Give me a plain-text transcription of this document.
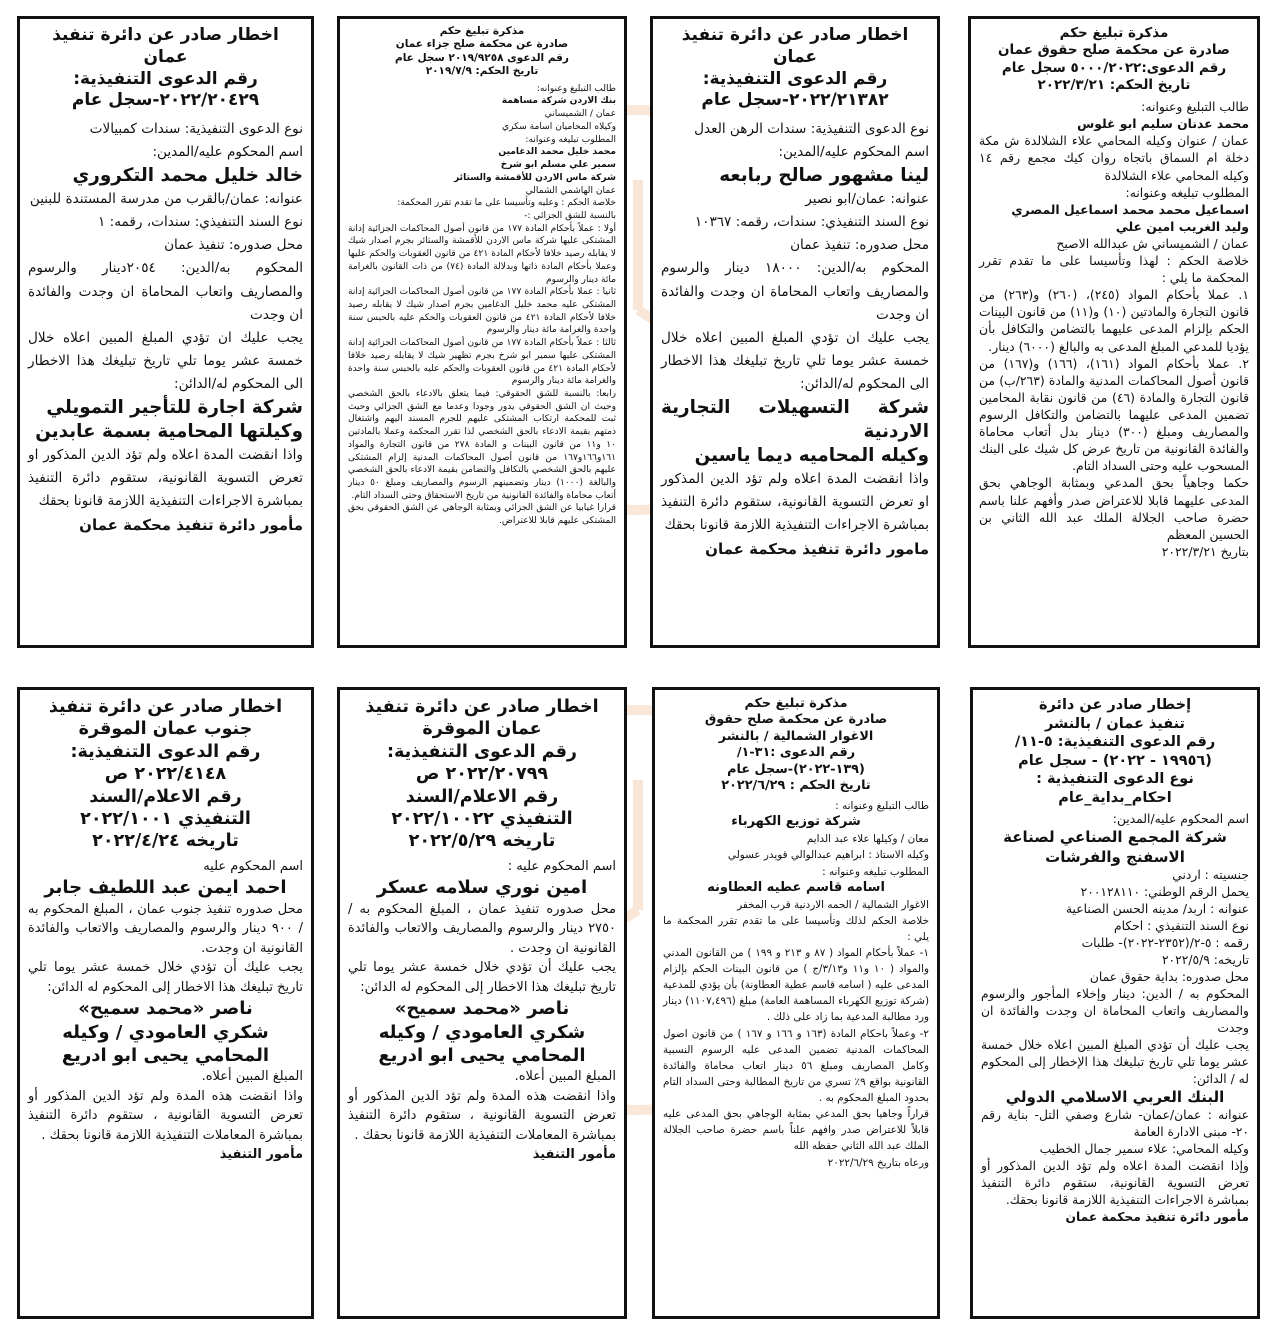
مذكرة تبليغ حكم

صادرة عن محكمة صلح حقوق عمان

رقم الدعوى:٥٠٠٠/٢٠٢٢ سجل عام

تاريخ الحكم: ٢٠٢٢/٣/٢١

طالب التبليغ وعنوانه:

محمد عدنان سليم ابو غلوس

عمان / عنوان وكيله المحامي علاء الشلالدة ش مكة دخلة ام السماق باتجاه روان كيك مجمع رقم ١٤ وكيله المحامي علاء الشلالدة

المطلوب تبليغه وعنوانه:

اسماعيل محمد محمد اسماعيل المصري

وليد الغريب امين علي

عمان / الشميساني ش عبدالله الاصبح

خلاصة الحكم : لهذا وتأسيسا على ما تقدم تقرر المحكمة ما يلي :

١. عملا بأحكام المواد (٢٤٥)، (٢٦٠) و(٢٦٣) من قانون التجارة والمادتين (١٠) و(١١) من قانون البينات الحكم بإلزام المدعى عليهما بالتضامن والتكافل بأن يؤديا للمدعي المبلغ المدعى به والبالغ (٦٠٠٠) دينار.

٢. عملا بأحكام المواد (١٦١)، (١٦٦) و(١٦٧) من قانون أصول المحاكمات المدنية والمادة (٢٦٣/ب) من قانون التجارة والمادة (٤٦) من قانون نقابة المحامين تضمين المدعى عليهما بالتضامن والتكافل الرسوم والمصاريف ومبلغ (٣٠٠) دينار بدل أتعاب محاماة والفائدة القانونية من تاريخ عرض كل شيك على البنك المسحوب عليه وحتى السداد التام.

حكما وجاهياً بحق المدعي وبمثابة الوجاهي بحق المدعى عليهما قابلا للاعتراض صدر وأفهم علنا باسم حضرة صاحب الجلالة الملك عبد الله الثاني بن الحسين المعظم

بتاريخ ٢٠٢٢/٣/٢١

اخطار صادر عن دائرة تنفيذ عمان

رقم الدعوى التنفيذية:

٢٠٢٢/٢١٣٨٢-سجل عام

نوع الدعوى التنفيذية: سندات الرهن العدل

اسم المحكوم عليه/المدين:

لينا مشهور صالح ربابعه

عنوانه: عمان/ابو نصير

نوع السند التنفيذي: سندات، رقمه: ١٠٣٦٧

محل صدوره: تنفيذ عمان

المحكوم به/الدين: ١٨٠٠٠ دينار والرسوم والمصاريف واتعاب المحاماة ان وجدت والفائدة ان وجدت

يجب عليك ان تؤدي المبلغ المبين اعلاه خلال خمسة عشر يوما تلي تاريخ تبليغك هذا الاخطار الى المحكوم له/الدائن:

شركة التسهيلات التجارية الاردنية

وكيله المحاميه ديما ياسين

واذا انقضت المدة اعلاه ولم تؤد الدين المذكور او تعرض التسوية القانونية، ستقوم دائرة التنفيذ بمباشرة الاجراءات التنفيذية اللازمة قانونا بحقك

مامور دائرة تنفيذ محكمة عمان

مذكرة تبليغ حكم

صادرة عن محكمة صلح جزاء عمان

رقم الدعوى ٢٠١٩/٩٢٥٨ سجل عام

تاريخ الحكم: ٢٠١٩/٧/٩

طالب التبليغ وعنوانه:

بنك الاردن شركة مساهمة

عمان / الشميساني

وكيلاه المحاميان اسامة سكري

المطلوب تبليغه وعنوانه:

محمد خليل محمد الدغامين

سمير علي مسلم ابو شرخ

شركة ماس الاردن للأقمشة والستائر

عمان الهاشمي الشمالي

خلاصة الحكم : وعليه وتأسيسا على ما تقدم تقرر المحكمة:

بالنسبة للشق الجزائي :-

أولا : عملاً بأحكام المادة ١٧٧ من قانون أصول المحاكمات الجزائية إدانة المشتكى عليها شركة ماس الاردن للأقمشة والستائر بجرم اصدار شيك لا يقابله رصيد خلافا لأحكام المادة ٤٢١ من قانون العقوبات والحكم عليها وعملا بأحكام المادة ذاتها وبدلالة المادة (٧٤) من ذات القانون بالغرامة مائة دينار والرسوم

ثانيا : عملا بأحكام المادة ١٧٧ من قانون أصول المحاكمات الجزائية إدانة المشتكى عليه محمد خليل الدغامين بجرم اصدار شيك لا يقابله رصيد خلافا لأحكام المادة ٤٢١ من قانون العقوبات والحكم عليه بالحبس سنة واحدة والغرامة مائة دينار والرسوم

ثالثا : عملاً بأحكام المادة ١٧٧ من قانون أصول المحاكمات الجزائية إدانة المشتكى عليها سمير ابو شرخ بجرم تظهير شيك لا يقابله رصيد خلافا لأحكام المادة ٤٢١ من قانون العقوبات والحكم عليه بالحبس سنة واحدة والغرامة مائة دينار والرسوم

رابعا: بالنسبة للشق الحقوقي: فيما يتعلق بالادعاء بالحق الشخصي وحيث ان الشق الحقوقي يدور وجودا وعدما مع الشق الجزائي وحيث ثبت للمحكمة ارتكاب المشتكى عليهم للجرم المسند اليهم واشتغال ذمتهم بقيمة الادعاء بالحق الشخصي لذا تقرر المحكمة وعملا بالمادتين ١٠ و١١ من قانون البينات و المادة ٢٧٨ من قانون التجارة والمواد ١٦١و١٦٦و١٦٧ من قانون أصول المحاكمات المدنية إلزام المشتكى عليهم بالحق الشخصي بالتكافل والتضامن بقيمة الادعاء بالحق الشخصي والبالغة (١٠٠٠) دينار وتضمينهم الرسوم والمصاريف ومبلغ ٥٠ دينار أتعاب محاماة والفائدة القانونية من تاريخ الاستحقاق وحتى السداد التام.

قرارا غيابيا عن الشق الجزائي وبمثابة الوجاهي عن الشق الحقوقي بحق المشتكى عليهم قابلا للاعتراض.

اخطار صادر عن دائرة تنفيذ عمان

رقم الدعوى التنفيذية:

٢٠٢٢/٢٠٤٢٩-سجل عام

نوع الدعوى التنفيذية: سندات كمبيالات

اسم المحكوم عليه/المدين:

خالد خليل محمد التكروري

عنوانه: عمان/بالقرب من مدرسة المستندة للبنين

نوع السند التنفيذي: سندات، رقمه: ١

محل صدوره: تنفيذ عمان

المحكوم به/الدين: ٢٠٥٤دينار والرسوم والمصاريف واتعاب المحاماة ان وجدت والفائدة ان وجدت

يجب عليك ان تؤدي المبلغ المبين اعلاه خلال خمسة عشر يوما تلي تاريخ تبليغك هذا الاخطار الى المحكوم له/الدائن:

شركة اجارة للتأجير التمويلي

وكيلتها المحامية بسمة عابدين

واذا انقضت المدة اعلاه ولم تؤد الدين المذكور او تعرض التسوية القانونية، ستقوم دائرة التنفيذ بمباشرة الاجراءات التنفيذية اللازمة قانونا بحقك

مأمور دائرة تنفيذ محكمة عمان

إخطار صادر عن دائرة

تنفيذ عمان / بالنشر

رقم الدعوى التنفيذية: ٥-١١/

(١٩٩٥٦ - ٢٠٢٢) - سجل عام

نوع الدعوى التنفيذية :

احكام_بداية_عام

اسم المحكوم عليه/المدين:

شركة المجمع الصناعي لصناعة الاسفنج والفرشات

جنسيته : اردني

يحمل الرقم الوطني: ٢٠٠١٢٨١١٠

عنوانه : اربد/ مدينه الحسن الصناعية

نوع السند التنفيذي : احكام

رقمه : ٥-٢/(٢٣٥٢-٢٠٢٢)- طلبات

تاريخه: ٢٠٢٢/٥/٩

محل صدوره: بداية حقوق عمان

المحكوم به / الدين: دينار وإخلاء المأجور والرسوم والمصاريف واتعاب المحاماة ان وجدت والفائدة ان وجدت

يجب عليك أن تؤدي المبلغ المبين اعلاه خلال خمسة عشر يوما تلي تاريخ تبليغك هذا الإخطار إلى المحكوم له / الدائن:

البنك العربي الاسلامي الدولي

عنوانه : عمان/عمان- شارع وصفي التل- بناية رقم ٢٠- مبنى الادارة العامة

وكيله المحامي: علاء سمير جمال الخطيب

وإذا انقضت المدة اعلاه ولم تؤد الدين المذكور أو تعرض التسوية القانونية، ستقوم دائرة التنفيذ بمباشرة الاجراءات التنفيذية اللازمة قانونا بحقك.

مأمور دائرة تنفيذ محكمة عمان

مذكرة تبليغ حكم

صادرة عن محكمة صلح حقوق

الاغوار الشمالية / بالنشر

رقم الدعوى :٣١-١/

(١٣٩-٢٠٢٢)-سجل عام

تاريخ الحكم : ٢٠٢٢/٦/٢٩

طالب التبليغ وعنوانه :

شركة توزيع الكهرباء

معان / وكيلها علاء عبد الدايم

وكيله الاستاذ : ابراهيم عبدالوالي قويدر عسولي

المطلوب تبليغه وعنوانه :

اسامه قاسم عطيه العطاونه

الاغوار الشمالية / الحمه الاردنية قرب المخفر

خلاصة الحكم لذلك وتأسيسا على ما تقدم تقرر المحكمة ما يلي :

١- عملاً بأحكام المواد ( ٨٧ و ٢١٣ و ١٩٩ ) من القانون المدني والمواد ( ١٠ و١١ و٣/١٣/ج ) من قانون البينات الحكم بإلزام المدعى عليه ( اسامه قاسم عطية العطاونة) بأن يؤدي للمدعية (شركة توزيع الكهرباء المساهمة العامة) مبلغ (١١٠٧,٤٩٦) دينار ورد مطالبة المدعية بما زاد على ذلك .

٢- وعملاً باحكام المادة (١٦٣ و ١٦٦ و ١٦٧ ) من قانون اصول المحاكمات المدنية تضمين المدعى عليه الرسوم النسبية وكامل المصاريف ومبلغ ٥٦ دينار اتعاب محاماة والفائدة القانونية بواقع ٩٪ تسري من تاريخ المطالبة وحتى السداد التام بحدود المبلغ المحكوم به .

قراراً وجاهيا بحق المدعي بمثابة الوجاهي بحق المدعى عليه قابلاً للاعتراض صدر وافهم علناً باسم حضرة صاحب الجلالة الملك عبد الله الثاني حفظه الله

ورعاه بتاريخ ٢٠٢٢/٦/٢٩

اخطار صادر عن دائرة تنفيذ

عمان الموقرة

رقم الدعوى التنفيذية:

٢٠٢٢/٢٠٧٩٩ ص

رقم الاعلام/السند

التنفيذي ٢٠٢٢/١٠٠٢٢

تاريخه ٢٠٢٢/٥/٢٩

اسم المحكوم عليه :

امين نوري سلامه عسكر

محل صدوره تنفيذ عمان ، المبلغ المحكوم به / ٢٧٥٠ دينار والرسوم والمصاريف والاتعاب والفائدة القانونية ان وجدت .

يجب عليك أن تؤدي خلال خمسة عشر يوما تلي تاريخ تبليغك هذا الاخطار إلى المحكوم له الدائن:

ناصر «محمد سميح»

شكري العامودي / وكيله

المحامي يحيى ابو ادريع

المبلغ المبين أعلاه.

واذا انقضت هذه المدة ولم تؤد الدين المذكور أو تعرض التسوية القانونية ، ستقوم دائرة التنفيذ بمباشرة المعاملات التنفيذية اللازمة قانونا بحقك .

مأمور التنفيذ

اخطار صادر عن دائرة تنفيذ

جنوب عمان الموقرة

رقم الدعوى التنفيذية:

٢٠٢٢/٤١٤٨ ص

رقم الاعلام/السند

التنفيذي ٢٠٢٢/١٠٠١

تاريخه ٢٠٢٢/٤/٢٤

اسم المحكوم عليه

احمد ايمن عبد اللطيف جابر

محل صدوره تنفيذ جنوب عمان ، المبلغ المحكوم به / ٩٠٠ دينار والرسوم والمصاريف والاتعاب والفائدة القانونية ان وجدت.

يجب عليك أن تؤدي خلال خمسة عشر يوما تلي تاريخ تبليغك هذا الاخطار إلى المحكوم له الدائن:

ناصر «محمد سميح»

شكري العامودي / وكيله

المحامي يحيى ابو ادريع

المبلغ المبين أعلاه.

واذا انقضت هذه المدة ولم تؤد الدين المذكور أو تعرض التسوية القانونية ، ستقوم دائرة التنفيذ بمباشرة المعاملات التنفيذية اللازمة قانونا بحقك .

مأمور التنفيذ
